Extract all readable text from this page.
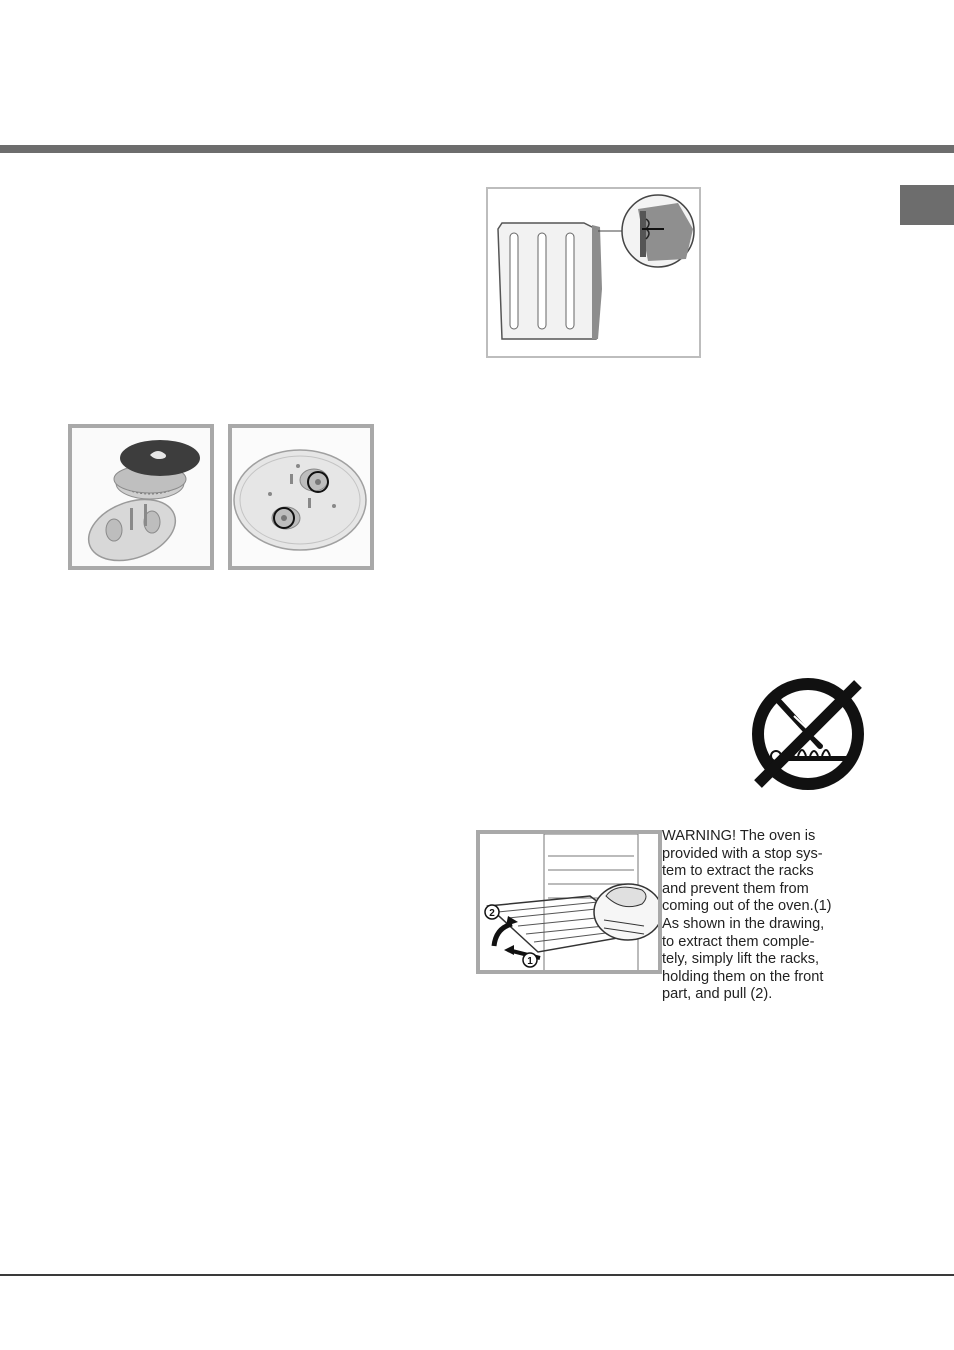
2
1
WARNING! The oven is
provided with a stop sys-
tem to extract the racks
and prevent them from
coming out of the oven.(1)
As shown in the drawing,
to extract them comple-
tely, simply lift the racks,
holding them on the front
part, and pull (2).
